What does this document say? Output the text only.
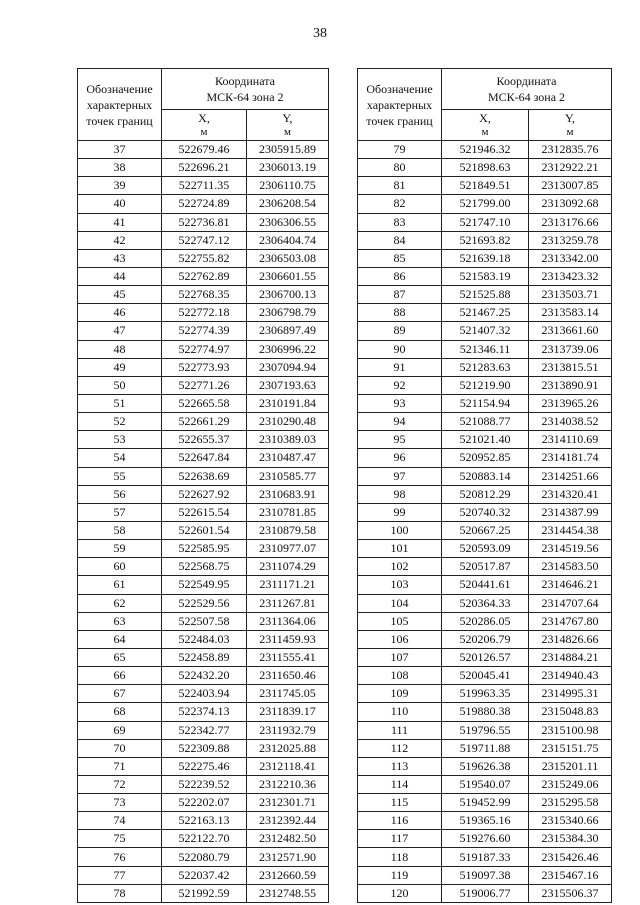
38
Обозначение характерных точек границ	Координата
МСК-64 зона 2	
	X,
м	Y,
м

37	522679.46	2305915.89
38	522696.21	2306013.19
39	522711.35	2306110.75
40	522724.89	2306208.54
41	522736.81	2306306.55
42	522747.12	2306404.74
43	522755.82	2306503.08
44	522762.89	2306601.55
45	522768.35	2306700.13
46	522772.18	2306798.79
47	522774.39	2306897.49
48	522774.97	2306996.22
49	522773.93	2307094.94
50	522771.26	2307193.63
51	522665.58	2310191.84
52	522661.29	2310290.48
53	522655.37	2310389.03
54	522647.84	2310487.47
55	522638.69	2310585.77
56	522627.92	2310683.91
57	522615.54	2310781.85
58	522601.54	2310879.58
59	522585.95	2310977.07
60	522568.75	2311074.29
61	522549.95	2311171.21
62	522529.56	2311267.81
63	522507.58	2311364.06
64	522484.03	2311459.93
65	522458.89	2311555.41
66	522432.20	2311650.46
67	522403.94	2311745.05
68	522374.13	2311839.17
69	522342.77	2311932.79
70	522309.88	2312025.88
71	522275.46	2312118.41
72	522239.52	2312210.36
73	522202.07	2312301.71
74	522163.13	2312392.44
75	522122.70	2312482.50
76	522080.79	2312571.90
77	522037.42	2312660.59
78	521992.59	2312748.55
Обозначение характерных точек границ	Координата
МСК-64 зона 2	
	X,
м	Y,
м

79	521946.32	2312835.76
80	521898.63	2312922.21
81	521849.51	2313007.85
82	521799.00	2313092.68
83	521747.10	2313176.66
84	521693.82	2313259.78
85	521639.18	2313342.00
86	521583.19	2313423.32
87	521525.88	2313503.71
88	521467.25	2313583.14
89	521407.32	2313661.60
90	521346.11	2313739.06
91	521283.63	2313815.51
92	521219.90	2313890.91
93	521154.94	2313965.26
94	521088.77	2314038.52
95	521021.40	2314110.69
96	520952.85	2314181.74
97	520883.14	2314251.66
98	520812.29	2314320.41
99	520740.32	2314387.99
100	520667.25	2314454.38
101	520593.09	2314519.56
102	520517.87	2314583.50
103	520441.61	2314646.21
104	520364.33	2314707.64
105	520286.05	2314767.80
106	520206.79	2314826.66
107	520126.57	2314884.21
108	520045.41	2314940.43
109	519963.35	2314995.31
110	519880.38	2315048.83
111	519796.55	2315100.98
112	519711.88	2315151.75
113	519626.38	2315201.11
114	519540.07	2315249.06
115	519452.99	2315295.58
116	519365.16	2315340.66
117	519276.60	2315384.30
118	519187.33	2315426.46
119	519097.38	2315467.16
120	519006.77	2315506.37
